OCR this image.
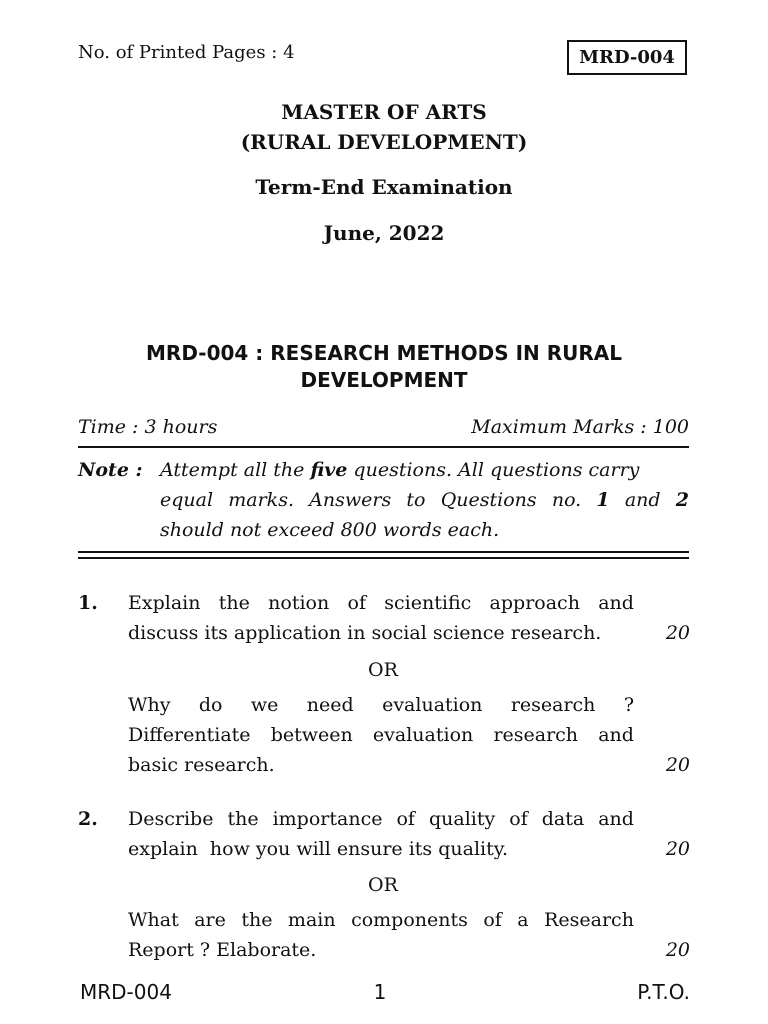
No. of Printed Pages : 4	MRD-004
MASTER OF ARTS
(RURAL DEVELOPMENT)
Term-End Examination
June, 2022
MRD-004 : RESEARCH METHODS IN RURAL
DEVELOPMENT
Time : 3 hours	Maximum Marks : 100
Note : Attempt all the five questions. All questions carry
equal marks. Answers to Questions no. 1 and 2
should not exceed 800 words each.
1. Explain the notion of scientific approach and
discuss its application in social science research.	20
OR
Why do we need evaluation research ?
Differentiate between evaluation research and
basic research.	20
2. Describe the importance of quality of data and
explain  how you will ensure its quality.	20
OR
What are the main components of a Research
Report ? Elaborate.	20
MRD-004	1	P.T.O.
